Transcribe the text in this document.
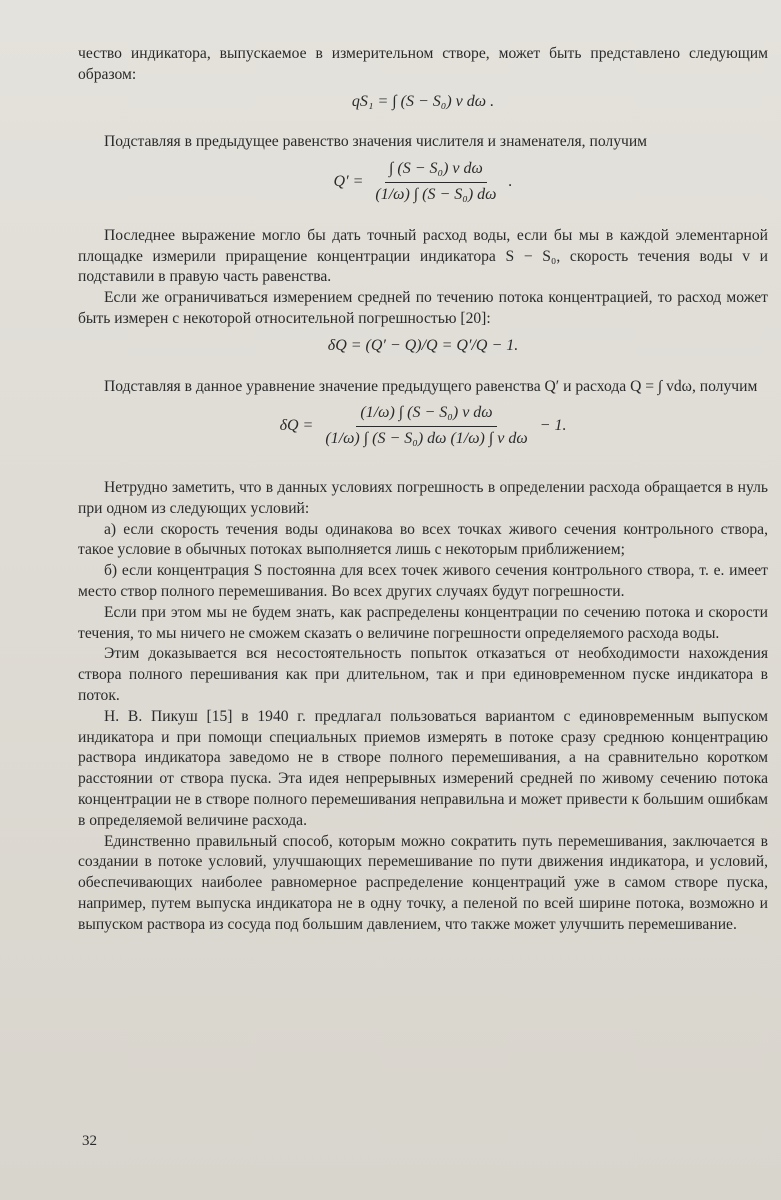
чество индикатора, выпускаемое в измерительном створе, может быть представлено следующим образом:

qS₁ = ∫ (S − S₀) v dω .

Подставляя в предыдущее равенство значения числителя и знаменателя, получим

$Q' = \frac{\text{∫ (S − S₀) v dω}}{\text{(1/ω) ∫ (S − S₀) dω}}$ .

Последнее выражение могло бы дать точный расход воды, если бы мы в каждой элементарной площадке измерили приращение концентрации индикатора S − S₀, скорость течения воды v и подставили в правую часть равенства.

Если же ограничиваться измерением средней по течению потока концентрацией, то расход может быть измерен с некоторой относительной погрешностью [20]:

δQ = (Q′ − Q)/Q = Q′/Q − 1.

Подставляя в данное уравнение значение предыдущего равенства Q′ и расхода Q = ∫ vdω, получим

$\delta Q = \frac{\text{(1/ω) ∫ (S − S₀) v dω}}{\text{(1/ω) ∫ (S − S₀) dω (1/ω) ∫ v dω}} - 1$.

Нетрудно заметить, что в данных условиях погрешность в определении расхода обращается в нуль при одном из следующих условий:

а) если скорость течения воды одинакова во всех точках живого сечения контрольного створа, такое условие в обычных потоках выполняется лишь с некоторым приближением;

б) если концентрация S постоянна для всех точек живого сечения контрольного створа, т. е. имеет место створ полного перемешивания. Во всех других случаях будут погрешности.

Если при этом мы не будем знать, как распределены концентрации по сечению потока и скорости течения, то мы ничего не сможем сказать о величине погрешности определяемого расхода воды.

Этим доказывается вся несостоятельность попыток отказаться от необходимости нахождения створа полного перешивания как при длительном, так и при единовременном пуске индикатора в поток.

Н. В. Пикуш [15] в 1940 г. предлагал пользоваться вариантом с единовременным выпуском индикатора и при помощи специальных приемов измерять в потоке сразу среднюю концентрацию раствора индикатора заведомо не в створе полного перемешивания, а на сравнительно коротком расстоянии от створа пуска. Эта идея непрерывных измерений средней по живому сечению потока концентрации не в створе полного перемешивания неправильна и может привести к большим ошибкам в определяемой величине расхода.

Единственно правильный способ, которым можно сократить путь перемешивания, заключается в создании в потоке условий, улучшающих перемешивание по пути движения индикатора, и условий, обеспечивающих наиболее равномерное распределение концентраций уже в самом створе пуска, например, путем выпуска индикатора не в одну точку, а пеленой по всей ширине потока, возможно и выпуском раствора из сосуда под большим давлением, что также может улучшить перемешивание.

32
